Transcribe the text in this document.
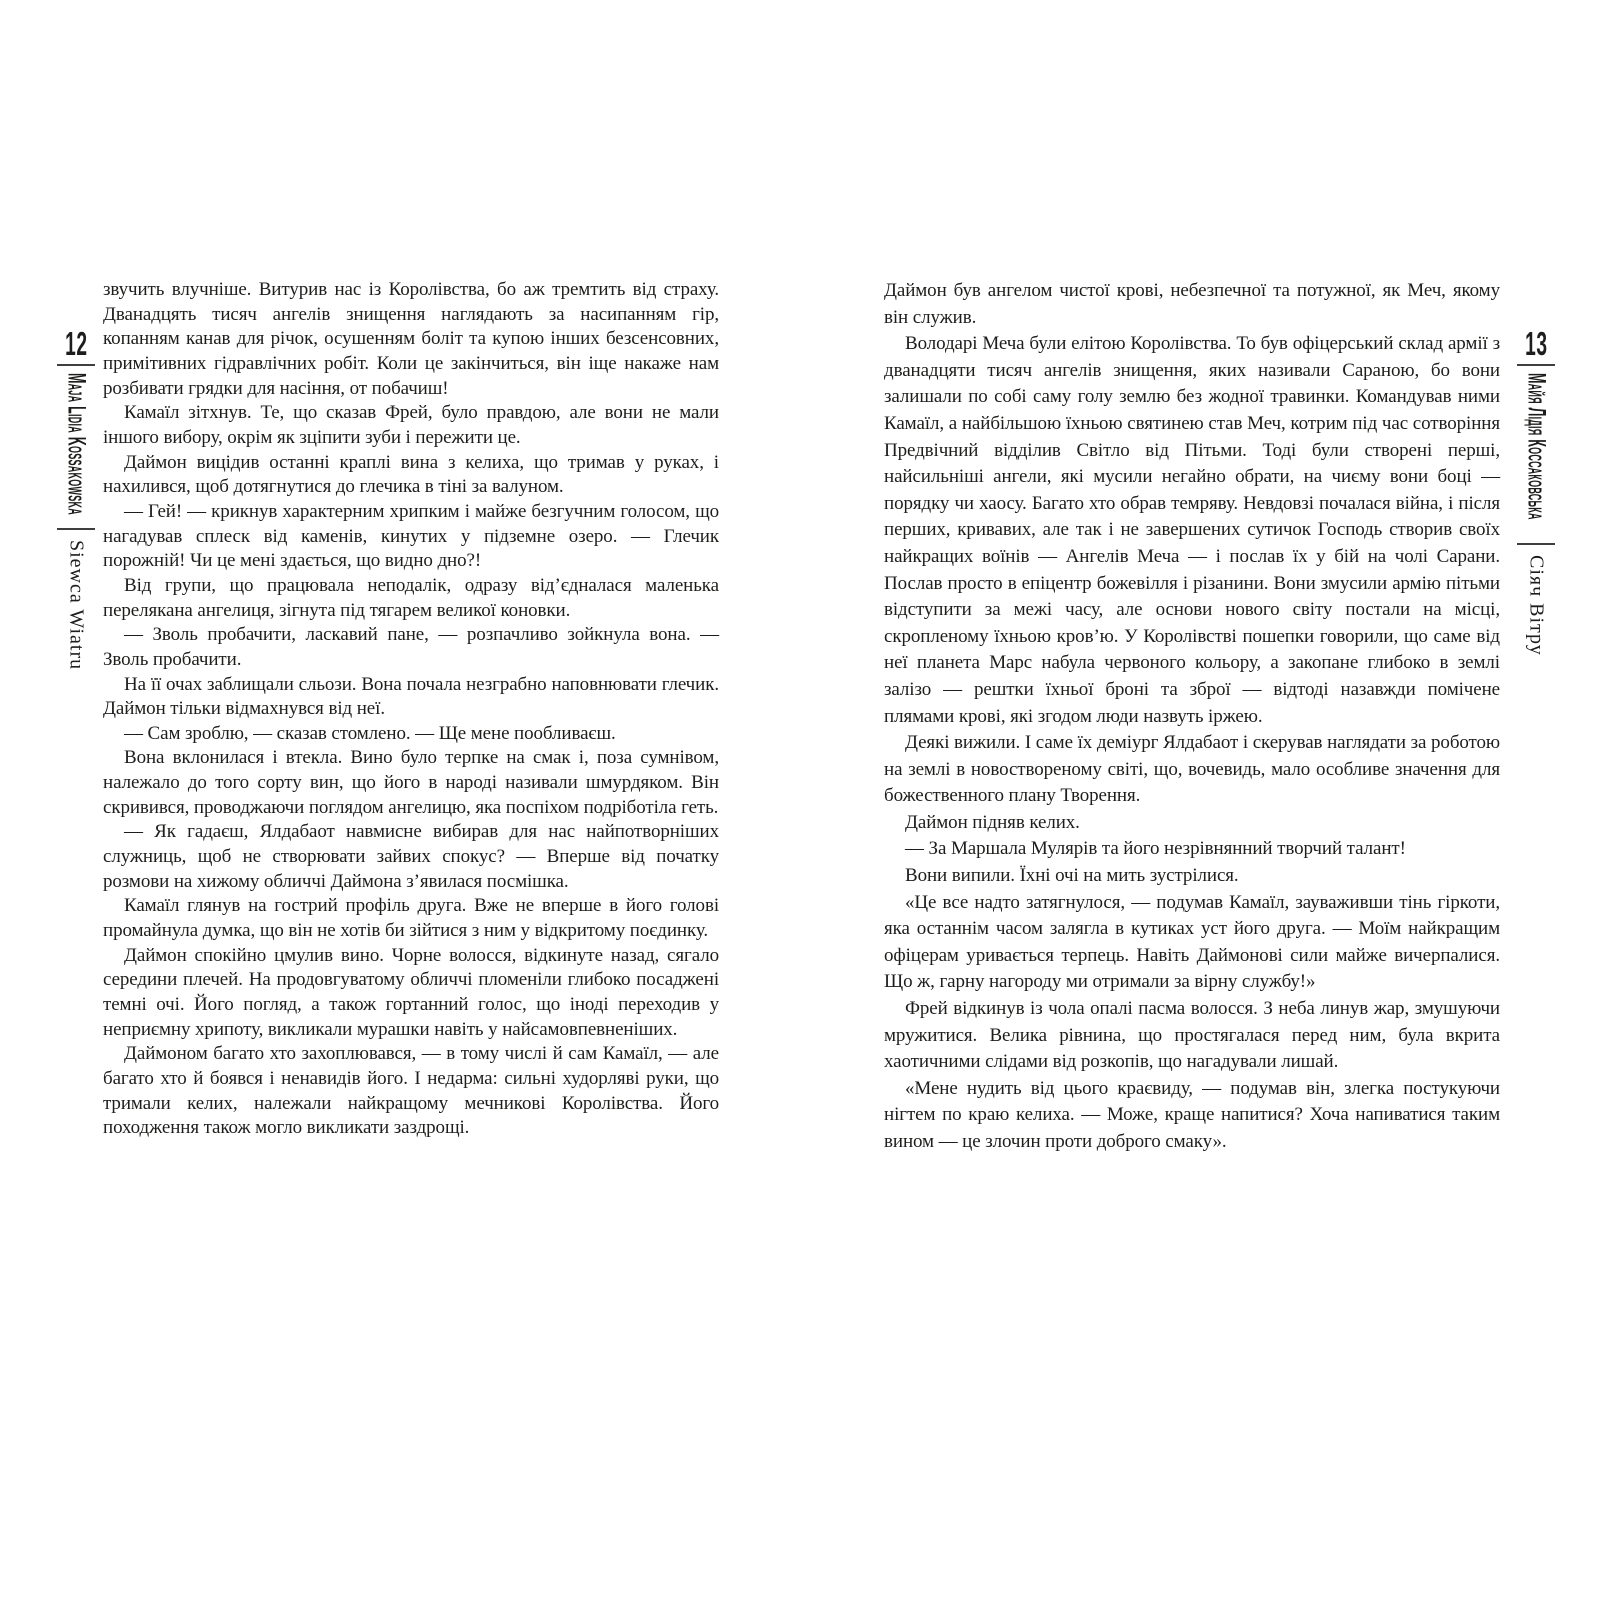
12
Maja Lidia Kossakowska
Siewca Wiatru

звучить влучніше. Витурив нас із Королівства, бо аж тремтить від страху. Дванадцять тисяч ангелів знищення наглядають за насипанням гір, копанням канав для річок, осушенням боліт та купою інших безсенсовних, примітивних гідравлічних робіт. Коли це закінчиться, він іще накаже нам розбивати грядки для насіння, от побачиш!

Камаїл зітхнув. Те, що сказав Фрей, було правдою, але вони не мали іншого вибору, окрім як зціпити зуби і пережити це.

Даймон вицідив останні краплі вина з келиха, що тримав у руках, і нахилився, щоб дотягнутися до глечика в тіні за валуном.

— Гей! — крикнув характерним хрипким і майже безгучним голосом, що нагадував сплеск від каменів, кинутих у підземне озеро. — Глечик порожній! Чи це мені здається, що видно дно?!

Від групи, що працювала неподалік, одразу від’єдналася маленька перелякана ангелиця, зігнута під тягарем великої коновки.

— Зволь пробачити, ласкавий пане, — розпачливо зойкнула вона. — Зволь пробачити.

На її очах заблищали сльози. Вона почала незграбно наповнювати глечик. Даймон тільки відмахнувся від неї.

— Сам зроблю, — сказав стомлено. — Ще мене пообливаєш.

Вона вклонилася і втекла. Вино було терпке на смак і, поза сумнівом, належало до того сорту вин, що його в народі називали шмурдяком. Він скривився, проводжаючи поглядом ангелицю, яка поспіхом подріботіла геть.

— Як гадаєш, Ялдабаот навмисне вибирав для нас найпотворніших служниць, щоб не створювати зайвих спокус? — Вперше від початку розмови на хижому обличчі Даймона з’явилася посмішка.

Камаїл глянув на гострий профіль друга. Вже не вперше в його голові промайнула думка, що він не хотів би зійтися з ним у відкритому поєдинку.

Даймон спокійно цмулив вино. Чорне волосся, відкинуте назад, сягало середини плечей. На продовгуватому обличчі пломеніли глибоко посаджені темні очі. Його погляд, а також гортанний голос, що іноді переходив у неприємну хрипоту, викликали мурашки навіть у найсамовпевненіших.

Даймоном багато хто захоплювався, — в тому числі й сам Камаїл, — але багато хто й боявся і ненавидів його. І недарма: сильні худорляві руки, що тримали келих, належали найкращому мечникові Королівства. Його походження також могло викликати заздрощі.

Даймон був ангелом чистої крові, небезпечної та потужної, як Меч, якому він служив.

Володарі Меча були елітою Королівства. То був офіцерський склад армії з дванадцяти тисяч ангелів знищення, яких називали Сараною, бо вони залишали по собі саму голу землю без жодної травинки. Командував ними Камаїл, а найбільшою їхньою святинею став Меч, котрим під час сотворіння Предвічний відділив Світло від Пітьми. Тоді були створені перші, найсильніші ангели, які мусили негайно обрати, на чиєму вони боці — порядку чи хаосу. Багато хто обрав темряву. Невдовзі почалася війна, і після перших, кривавих, але так і не завершених сутичок Господь створив своїх найкращих воїнів — Ангелів Меча — і послав їх у бій на чолі Сарани. Послав просто в епіцентр божевілля і різанини. Вони змусили армію пітьми відступити за межі часу, але основи нового світу постали на місці, скропленому їхньою кров’ю. У Королівстві пошепки говорили, що саме від неї планета Марс набула червоного кольору, а закопане глибоко в землі залізо — рештки їхньої броні та зброї — відтоді назавжди помічене плямами крові, які згодом люди назвуть іржею.

Деякі вижили. І саме їх деміург Ялдабаот і скерував наглядати за роботою на землі в новоствореному світі, що, вочевидь, мало особливе значення для божественного плану Творення.

Даймон підняв келих.

— За Маршала Мулярів та його незрівнянний творчий талант!

Вони випили. Їхні очі на мить зустрілися.

«Це все надто затягнулося, — подумав Камаїл, зауваживши тінь гіркоти, яка останнім часом залягла в кутиках уст його друга. — Моїм найкращим офіцерам уривається терпець. Навіть Даймонові сили майже вичерпалися. Що ж, гарну нагороду ми отримали за вірну службу!»

Фрей відкинув із чола опалі пасма волосся. З неба линув жар, змушуючи мружитися. Велика рівнина, що простягалася перед ним, була вкрита хаотичними слідами від розкопів, що нагадували лишай.

«Мене нудить від цього краєвиду, — подумав він, злегка постукуючи нігтем по краю келиха. — Може, краще напитися? Хоча напиватися таким вином — це злочин проти доброго смаку».

13
Майя Лідія Коссаковська
Сіяч Вітру
